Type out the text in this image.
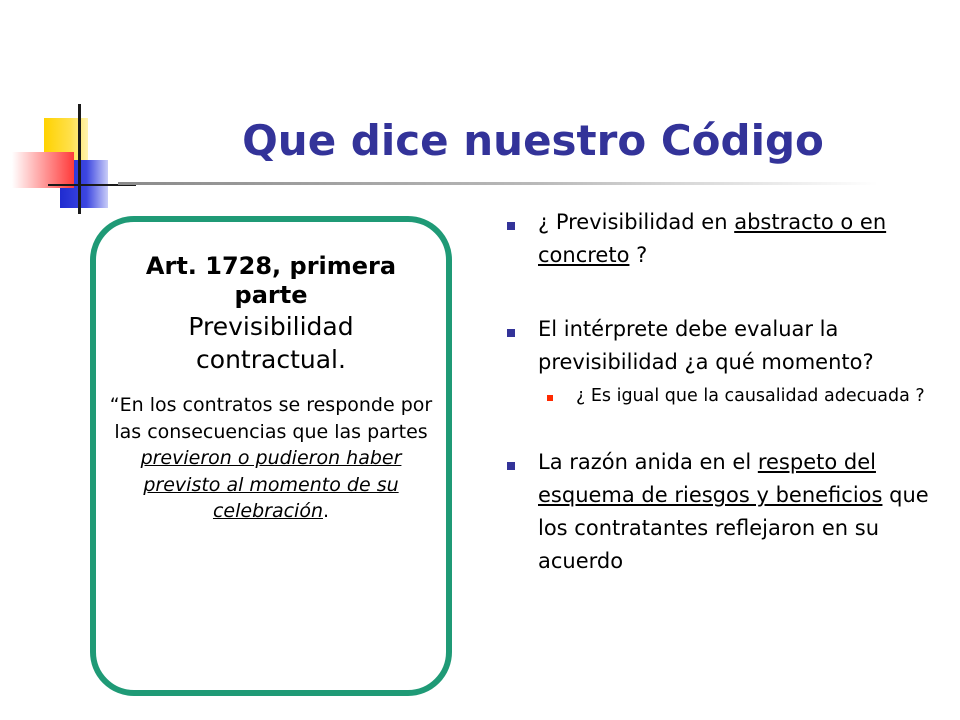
Que dice nuestro Código
Art. 1728, primera parte
Previsibilidad contractual.
“En los contratos se responde por las consecuencias que las partes previeron o pudieron haber previsto al momento de su celebración.
¿ Previsibilidad en abstracto o en concreto ?
El intérprete debe evaluar la previsibilidad ¿a qué momento?
¿ Es igual que la causalidad adecuada ?
La razón anida en el respeto del esquema de riesgos y beneficios que los contratantes reflejaron en su acuerdo
